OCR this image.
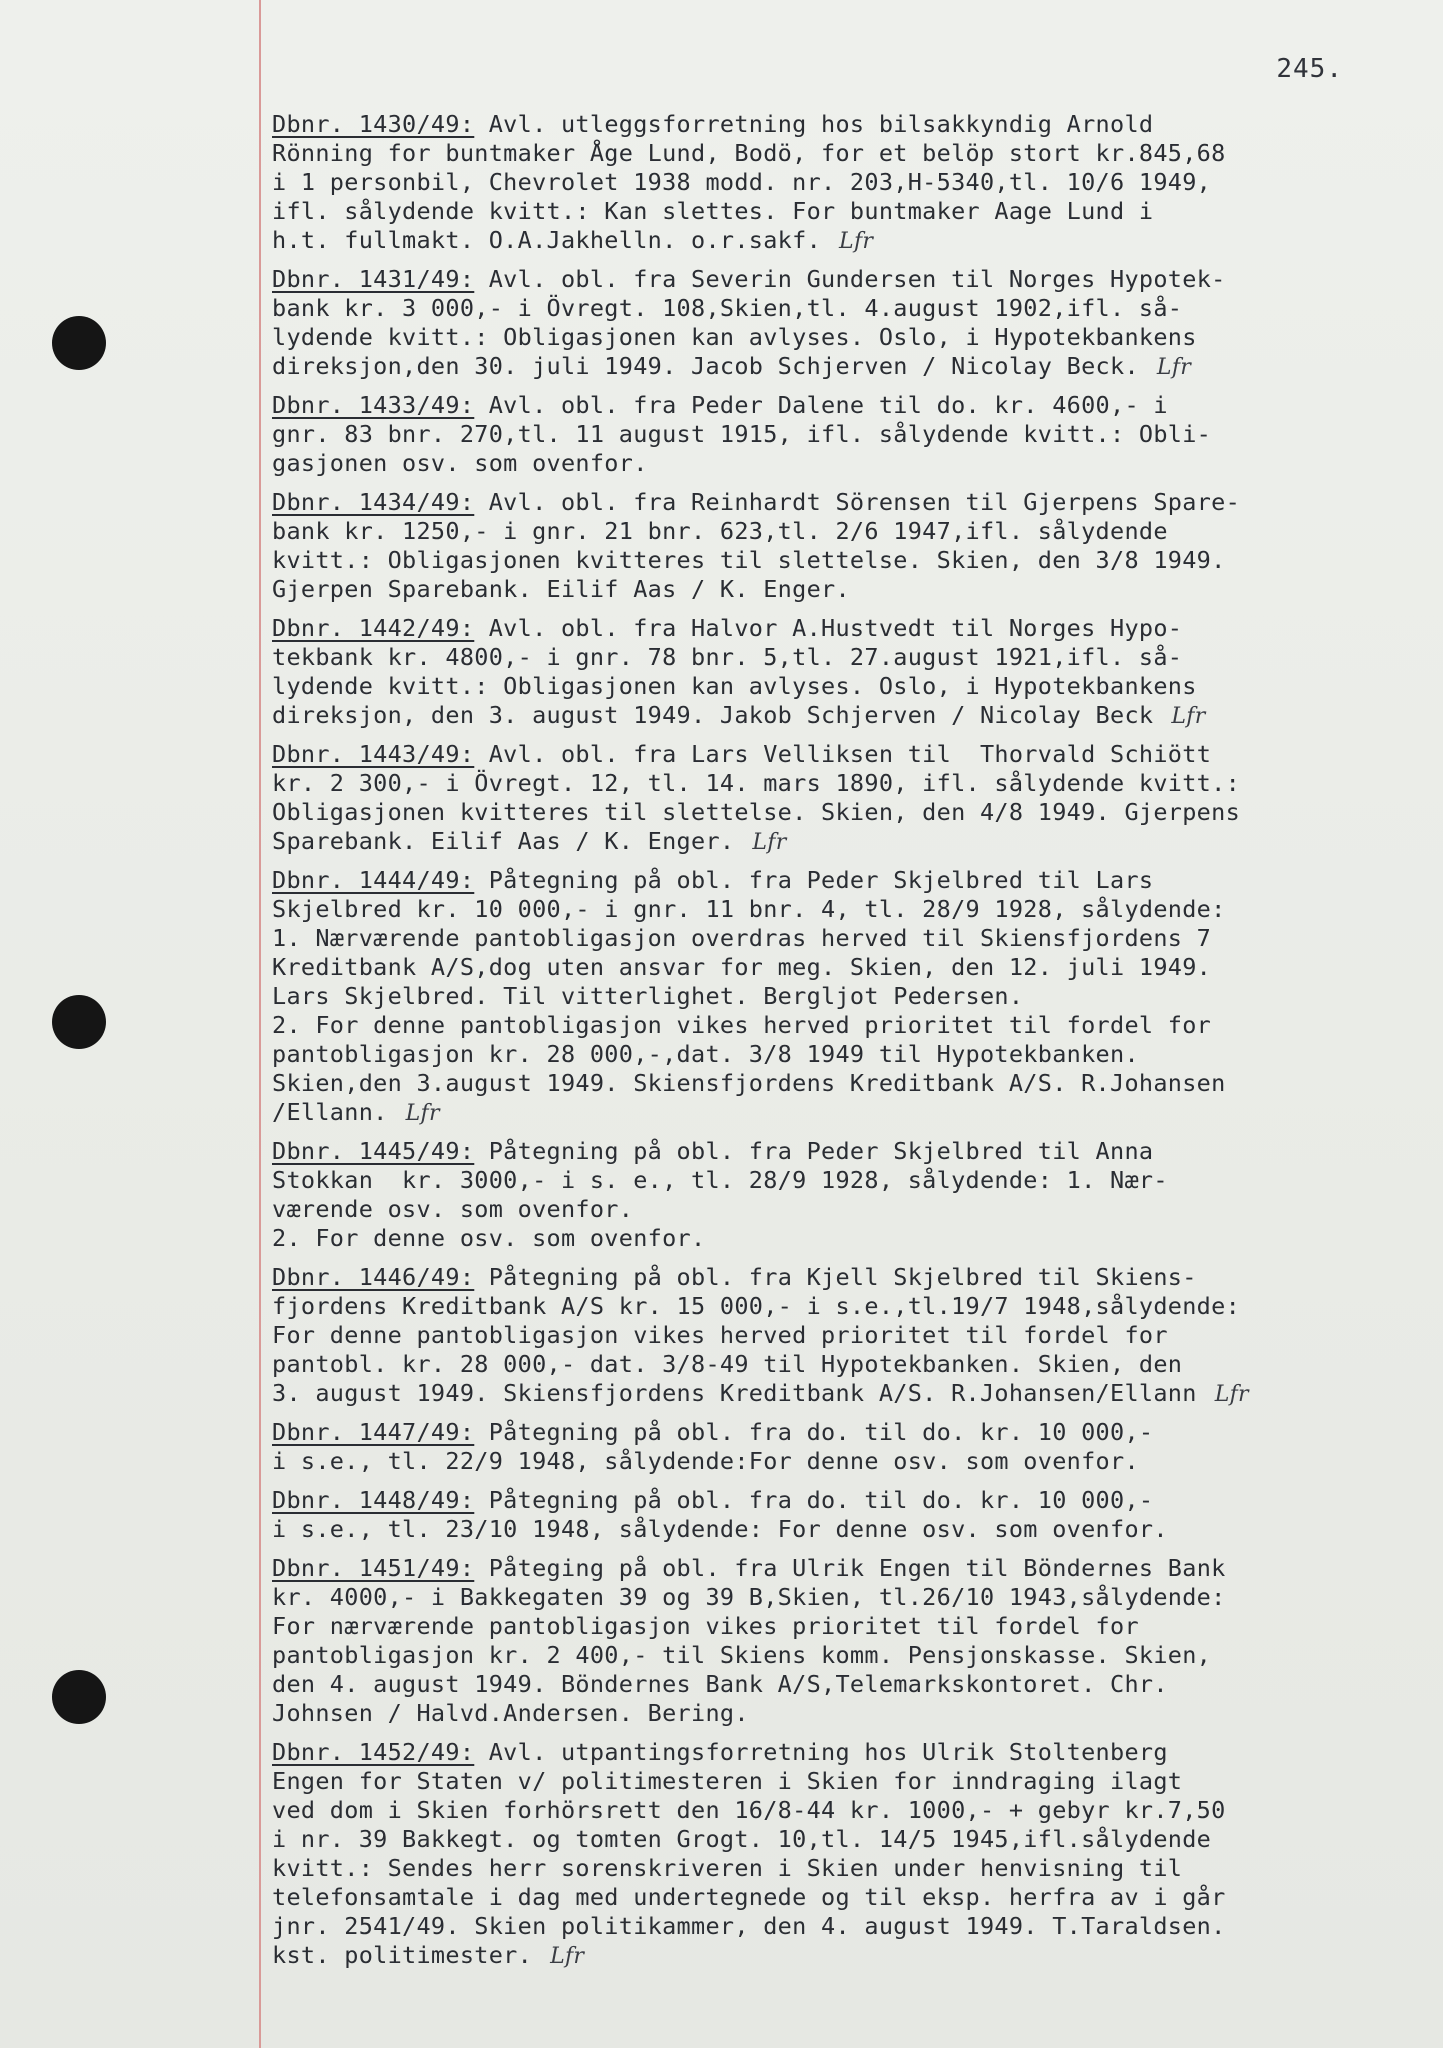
245.
Dbnr. 1430/49: Avl. utleggsforretning hos bilsakkyndig Arnold
Rönning for buntmaker Åge Lund, Bodö, for et belöp stort kr.845,68
i 1 personbil, Chevrolet 1938 modd. nr. 203,H-5340,tl. 10/6 1949,
ifl. sålydende kvitt.: Kan slettes. For buntmaker Aage Lund i
h.t. fullmakt. O.A.Jakhelln. o.r.sakf. Lfr
Dbnr. 1431/49: Avl. obl. fra Severin Gundersen til Norges Hypotek-
bank kr. 3 000,- i Övregt. 108,Skien,tl. 4.august 1902,ifl. så-
lydende kvitt.: Obligasjonen kan avlyses. Oslo, i Hypotekbankens
direksjon,den 30. juli 1949. Jacob Schjerven / Nicolay Beck. Lfr
Dbnr. 1433/49: Avl. obl. fra Peder Dalene til do. kr. 4600,- i
gnr. 83 bnr. 270,tl. 11 august 1915, ifl. sålydende kvitt.: Obli-
gasjonen osv. som ovenfor.
Dbnr. 1434/49: Avl. obl. fra Reinhardt Sörensen til Gjerpens Spare-
bank kr. 1250,- i gnr. 21 bnr. 623,tl. 2/6 1947,ifl. sålydende
kvitt.: Obligasjonen kvitteres til slettelse. Skien, den 3/8 1949.
Gjerpen Sparebank. Eilif Aas / K. Enger.
Dbnr. 1442/49: Avl. obl. fra Halvor A.Hustvedt til Norges Hypo-
tekbank kr. 4800,- i gnr. 78 bnr. 5,tl. 27.august 1921,ifl. så-
lydende kvitt.: Obligasjonen kan avlyses. Oslo, i Hypotekbankens
direksjon, den 3. august 1949. Jakob Schjerven / Nicolay Beck Lfr
Dbnr. 1443/49: Avl. obl. fra Lars Velliksen til  Thorvald Schiött
kr. 2 300,- i Övregt. 12, tl. 14. mars 1890, ifl. sålydende kvitt.:
Obligasjonen kvitteres til slettelse. Skien, den 4/8 1949. Gjerpens
Sparebank. Eilif Aas / K. Enger. Lfr
Dbnr. 1444/49: Påtegning på obl. fra Peder Skjelbred til Lars
Skjelbred kr. 10 000,- i gnr. 11 bnr. 4, tl. 28/9 1928, sålydende:
1. Nærværende pantobligasjon overdras herved til Skiensfjordens 7
Kreditbank A/S,dog uten ansvar for meg. Skien, den 12. juli 1949.
Lars Skjelbred. Til vitterlighet. Bergljot Pedersen.
2. For denne pantobligasjon vikes herved prioritet til fordel for
pantobligasjon kr. 28 000,-,dat. 3/8 1949 til Hypotekbanken.
Skien,den 3.august 1949. Skiensfjordens Kreditbank A/S. R.Johansen
/Ellann. Lfr
Dbnr. 1445/49: Påtegning på obl. fra Peder Skjelbred til Anna
Stokkan  kr. 3000,- i s. e., tl. 28/9 1928, sålydende: 1. Nær-
værende osv. som ovenfor.
2. For denne osv. som ovenfor.
Dbnr. 1446/49: Påtegning på obl. fra Kjell Skjelbred til Skiens-
fjordens Kreditbank A/S kr. 15 000,- i s.e.,tl.19/7 1948,sålydende:
For denne pantobligasjon vikes herved prioritet til fordel for
pantobl. kr. 28 000,- dat. 3/8-49 til Hypotekbanken. Skien, den
3. august 1949. Skiensfjordens Kreditbank A/S. R.Johansen/Ellann Lfr
Dbnr. 1447/49: Påtegning på obl. fra do. til do. kr. 10 000,-
i s.e., tl. 22/9 1948, sålydende:For denne osv. som ovenfor.
Dbnr. 1448/49: Påtegning på obl. fra do. til do. kr. 10 000,-
i s.e., tl. 23/10 1948, sålydende: For denne osv. som ovenfor.
Dbnr. 1451/49: Påteging på obl. fra Ulrik Engen til Böndernes Bank
kr. 4000,- i Bakkegaten 39 og 39 B,Skien, tl.26/10 1943,sålydende:
For nærværende pantobligasjon vikes prioritet til fordel for
pantobligasjon kr. 2 400,- til Skiens komm. Pensjonskasse. Skien,
den 4. august 1949. Böndernes Bank A/S,Telemarkskontoret. Chr.
Johnsen / Halvd.Andersen. Bering.
Dbnr. 1452/49: Avl. utpantingsforretning hos Ulrik Stoltenberg
Engen for Staten v/ politimesteren i Skien for inndraging ilagt
ved dom i Skien forhörsrett den 16/8-44 kr. 1000,- + gebyr kr.7,50
i nr. 39 Bakkegt. og tomten Grogt. 10,tl. 14/5 1945,ifl.sålydende
kvitt.: Sendes herr sorenskriveren i Skien under henvisning til
telefonsamtale i dag med undertegnede og til eksp. herfra av i går
jnr. 2541/49. Skien politikammer, den 4. august 1949. T.Taraldsen.
kst. politimester. Lfr
